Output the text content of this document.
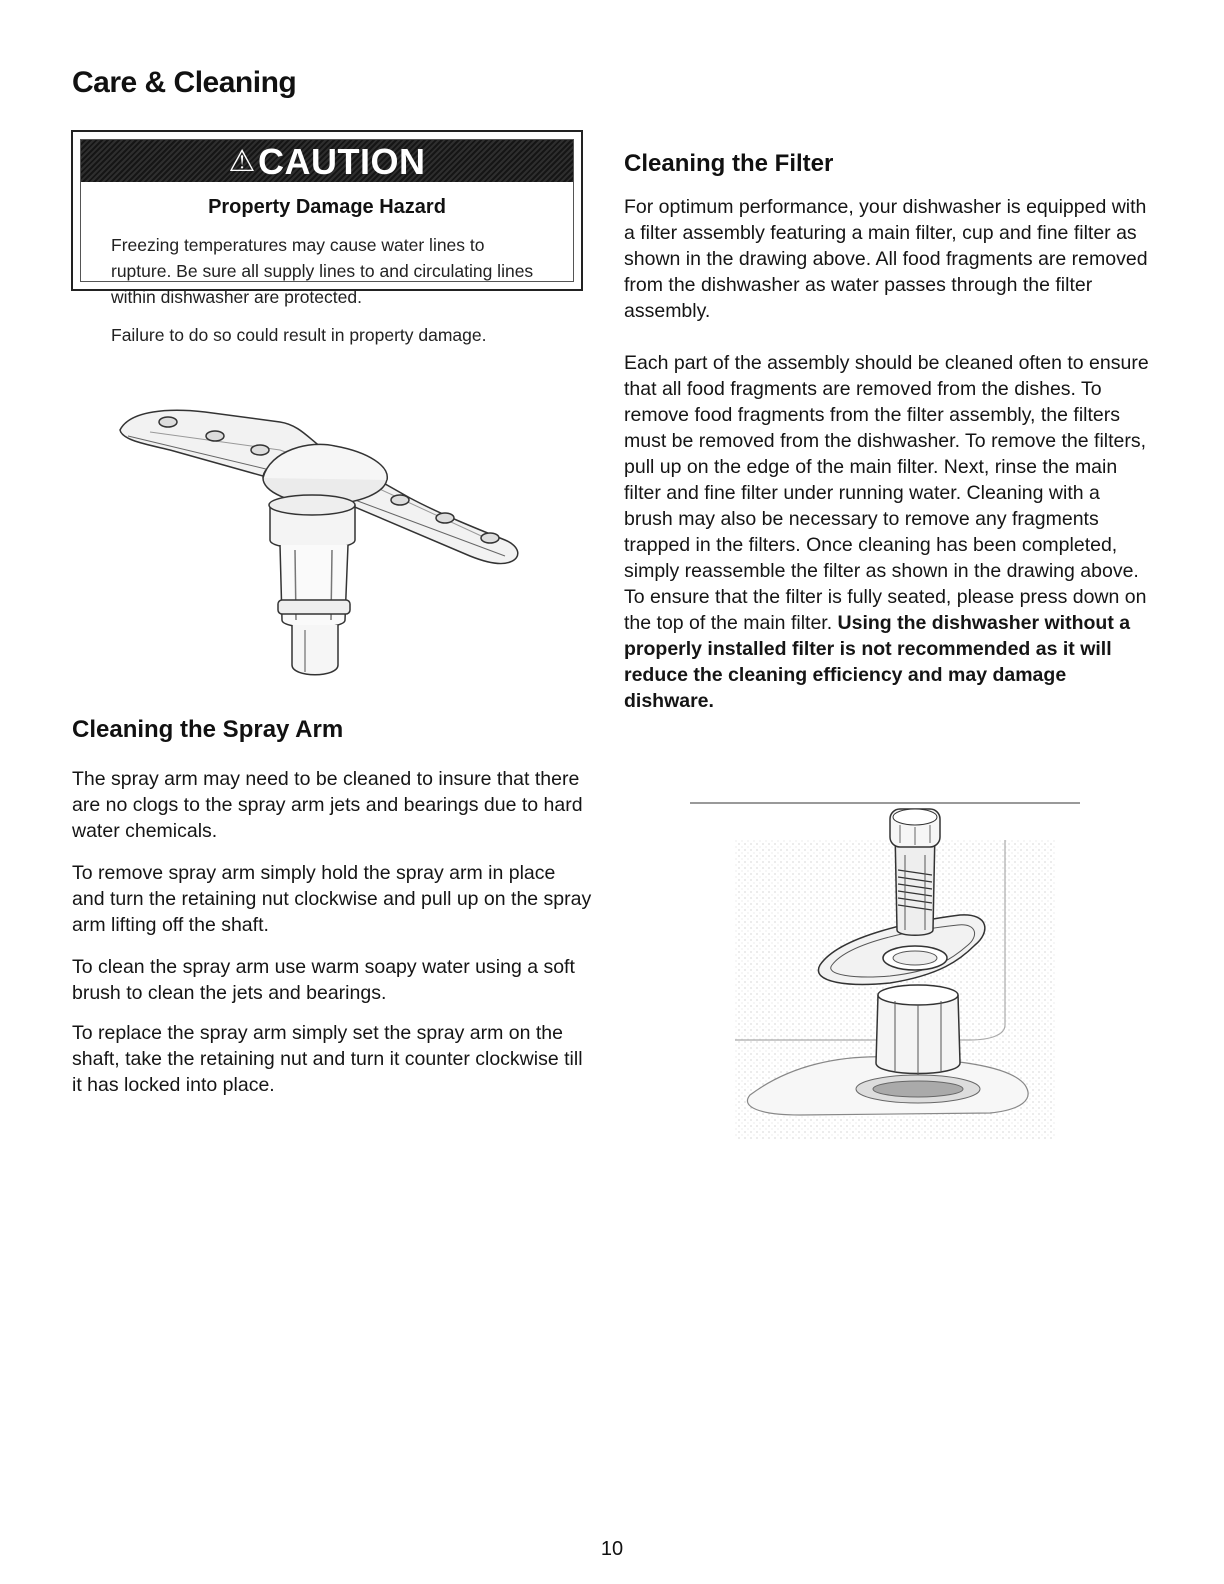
Care & Cleaning
⚠CAUTION
Property Damage Hazard
Freezing temperatures may cause water lines to rupture. Be sure all supply lines to and circulating lines within dishwasher are protected.
Failure to do so could result in property damage.
Cleaning the Spray Arm

The spray arm may need to be cleaned to insure that there are no clogs to the spray arm jets and bearings due to hard water chemicals.

To remove spray arm simply hold the spray arm in place and turn the retaining nut clockwise and pull up on the spray arm lifting off the shaft.

To clean the spray arm use warm soapy water using a soft brush to clean the jets and bearings.

To replace the spray arm simply set the spray arm on the shaft, take the retaining nut and turn it counter clockwise till it has locked into place.

Cleaning the Filter

For optimum performance, your dishwasher is equipped with a filter assembly featuring a main filter, cup and fine filter as shown in the drawing above. All food fragments are removed from the dishwasher as water passes through the filter assembly.

Each part of the assembly should be cleaned often to ensure that all food fragments are removed from the dishes. To remove food fragments from the filter assembly, the filters must be removed from the dishwasher. To remove the filters, pull up on the edge of the main filter. Next, rinse the main filter and fine filter under running water. Cleaning with a brush may also be necessary to remove any fragments trapped in the filters. Once cleaning has been completed, simply reassemble the filter as shown in the drawing above. To ensure that the filter is fully seated, please press down on the top of the main filter. Using the dishwasher without a properly installed filter is not recommended as it will reduce the cleaning efficiency and may damage dishware.

10
